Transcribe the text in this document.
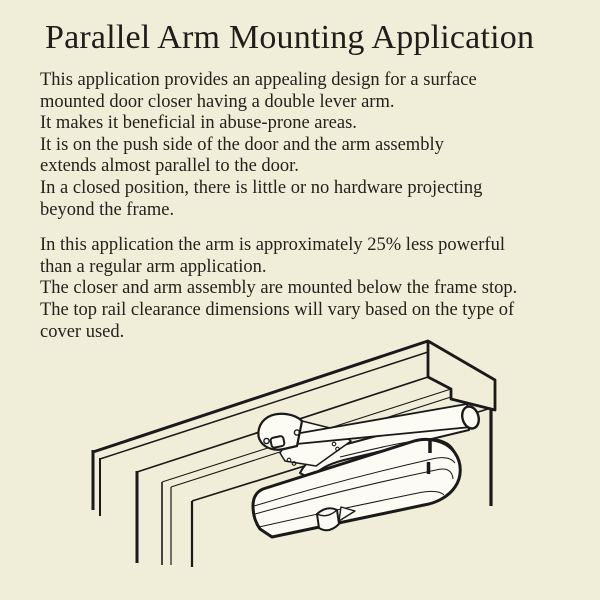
Parallel Arm Mounting Application
This application provides an appealing design for a surface
mounted door closer having a double lever arm.
It makes it beneficial in abuse-prone areas.
It is on the push side of the door and the arm assembly
extends almost parallel to the door.
In a closed position, there is little or no hardware projecting
beyond the frame.
In this application the arm is approximately 25% less powerful
than a regular arm application.
The closer and arm assembly are mounted below the frame stop.
The top rail clearance dimensions will vary based on the type of
cover used.
